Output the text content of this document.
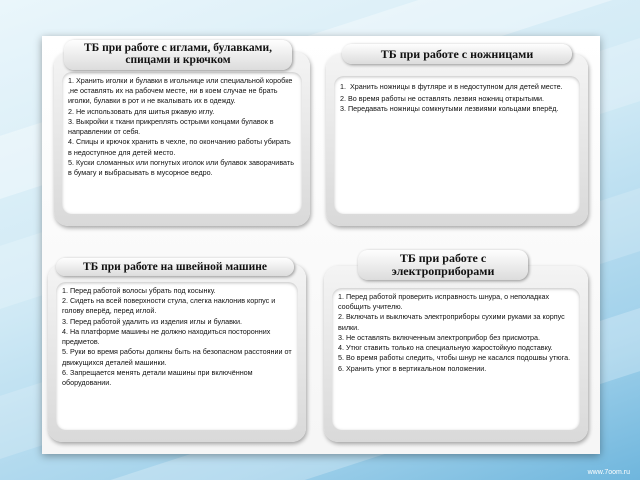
ТБ при работе с иглами, булавками, спицами и крючком
1. Хранить иголки и булавки в игольнице или специальной коробке ,не оставлять их на рабочем месте, ни в коем случае не брать иголки, булавки в рот и не вкалывать их в одежду.
2. Не использовать для шитья ржавую иглу.
3. Выкройки к ткани прикреплять острыми концами булавок в направлении от себя.
4. Спицы и крючок хранить в чехле, по окончанию работы убирать в недоступное для детей место.
5. Куски сломанных или погнутых иголок или булавок заворачивать в бумагу и выбрасывать в мусорное ведро.
ТБ при работе с ножницами
1. Хранить ножницы в футляре и в недоступном для детей месте.
2. Во время работы не оставлять лезвия ножниц открытыми.
3. Передавать ножницы сомкнутыми лезвиями кольцами вперёд.
ТБ при работе на швейной машине
1. Перед работой волосы убрать под косынку.
2. Сидеть на всей поверхности стула, слегка наклонив корпус и голову вперёд, перед иглой.
3. Перед работой удалить из изделия иглы и булавки.
4. На платформе машины не должно находиться посторонних предметов.
5. Руки во время работы должны быть на безопасном расстоянии от движущихся деталей машинки.
6. Запрещается менять детали машины при включённом оборудовании.
ТБ при работе с электроприборами
1. Перед работой проверить исправность шнура, о неполадках сообщить учителю.
2. Включать и выключать электроприборы сухими руками за корпус вилки.
3. Не оставлять включенным электроприбор без присмотра.
4. Утюг ставить только на специальную жаростойкую подставку.
5. Во время работы следить, чтобы шнур не касался подошвы утюга.
6. Хранить утюг в вертикальном положении.
www.7oom.ru
